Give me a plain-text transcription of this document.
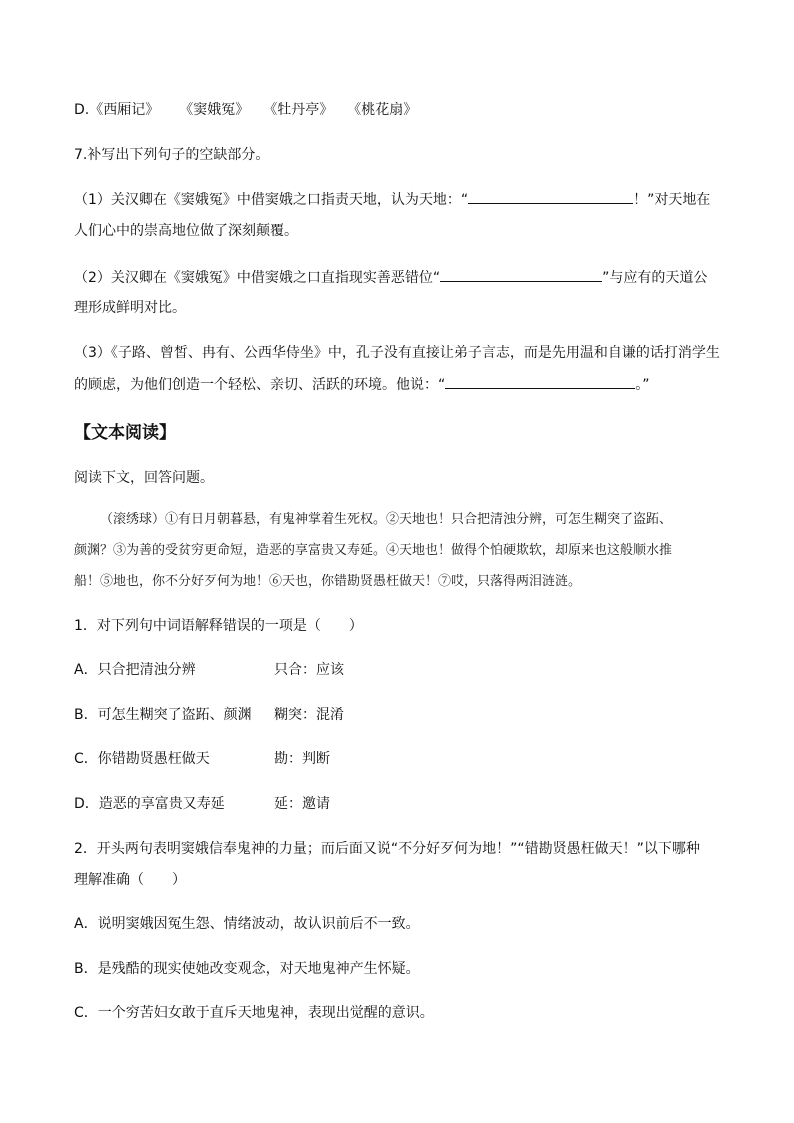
D.《西厢记》 《窦娥冤》 《牡丹亭》 《桃花扇》
7.补写出下列句子的空缺部分。
（1）关汉卿在《窦娥冤》中借窦娥之口指责天地，认为天地：“	！”对天地在
人们心中的崇高地位做了深刻颠覆。
（2）关汉卿在《窦娥冤》中借窦娥之口直指现实善恶错位“	”与应有的天道公
理形成鲜明对比。
（3）《子路、曾皙、冉有、公西华侍坐》中，孔子没有直接让弟子言志，而是先用温和自谦的话打消学生
的顾虑，为他们创造一个轻松、亲切、活跃的环境。他说：“	。”
【文本阅读】
阅读下文，回答问题。
（滚绣球）①有日月朝暮悬，有鬼神掌着生死权。②天地也！只合把清浊分辨，可怎生糊突了盗跖、
颜渊？③为善的受贫穷更命短，造恶的享富贵又寿延。④天地也！做得个怕硬欺软，却原来也这般顺水推
船！⑤地也，你不分好歹何为地！⑥天也，你错勘贤愚枉做天！⑦哎，只落得两泪涟涟。
1．对下列句中词语解释错误的一项是（　　）
A．只合把清浊分辨	只合：应该
B．可怎生糊突了盗跖、颜渊 糊突：混淆
C．你错勘贤愚枉做天	勘：判断
D．造恶的享富贵又寿延	延：邀请
2．开头两句表明窦娥信奉鬼神的力量；而后面又说“不分好歹何为地！”“错勘贤愚枉做天！”以下哪种
理解准确（　　）
A．说明窦娥因冤生怨、情绪波动，故认识前后不一致。
B．是残酷的现实使她改变观念，对天地鬼神产生怀疑。
C．一个穷苦妇女敢于直斥天地鬼神，表现出觉醒的意识。
